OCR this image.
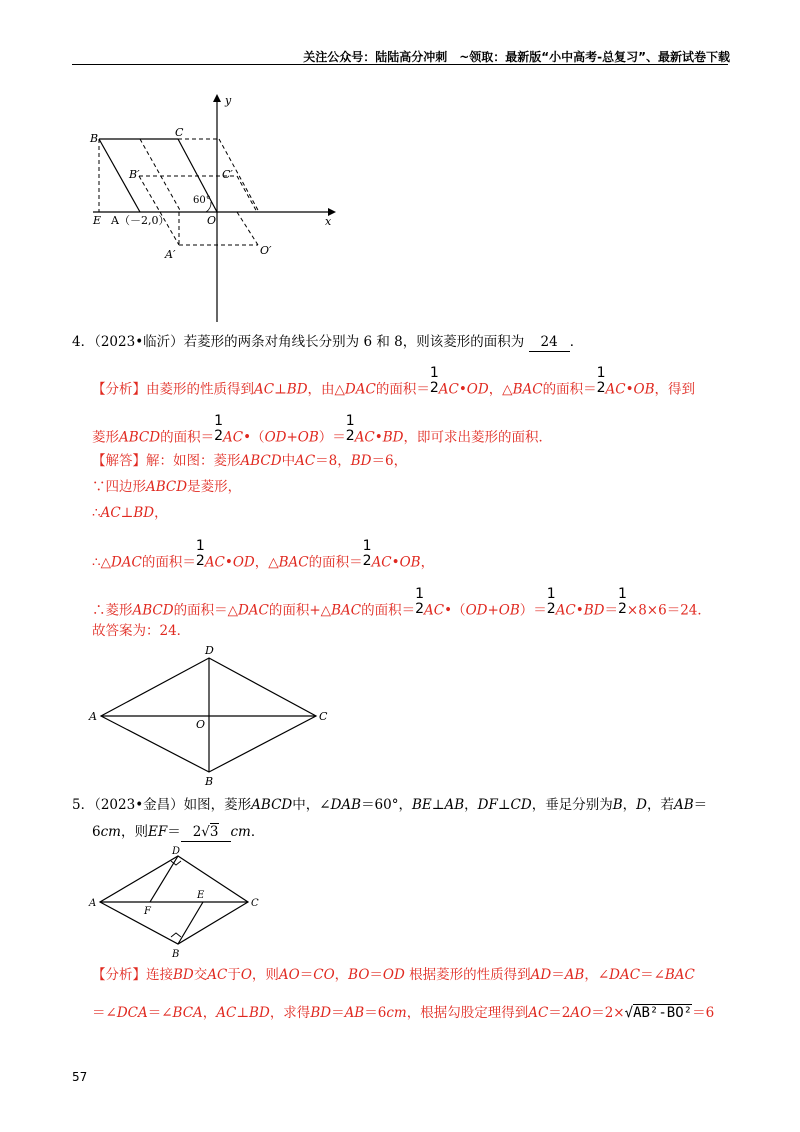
关注公众号：陆陆高分冲刺　~领取：最新版“小中高考-总复习”、最新试卷下载
y
x
B	C
B′	C′
60°
E A（－2,0）	O
A′	O′
4．（2023•临沂）若菱形的两条对角线长分别为 6 和 8，则该菱形的面积为 24 ．
【分析】由菱形的性质得到AC⊥BD，由△DAC的面积＝
1
2 AC•OD，△BAC的面积＝
1
2 AC•OB，得到
菱形ABCD的面积＝
1
2 AC•（OD+OB）＝
1
2 AC•BD，即可求出菱形的面积．
【解答】解：如图：菱形ABCD中AC＝8，BD＝6，
∵四边形ABCD是菱形，
∴AC⊥BD，
∴△DAC的面积＝
1
2 AC•OD，△BAC的面积＝
1
2 AC•OB，
∴菱形ABCD的面积＝△DAC的面积+△BAC的面积＝
1
2 AC•（OD+OB）＝
1
2 AC•BD＝
1
2 ×8×6＝24．
故答案为：24．
D
A
O
C
B
5．（2023•金昌）如图，菱形ABCD中，∠DAB＝60°，BE⊥AB，DF⊥CD，垂足分别为B，D，若AB＝
6cm，则EF＝ 2√3 cm．
D
A
F
E
C
B
【分析】连接BD交AC于O，则AO＝CO，BO＝OD 根据菱形的性质得到AD＝AB，∠DAC＝∠BAC
＝∠DCA＝∠BCA，AC⊥BD，求得BD＝AB＝6cm，根据勾股定理得到AC＝2AO＝2×√AB²-BO²＝6
57
